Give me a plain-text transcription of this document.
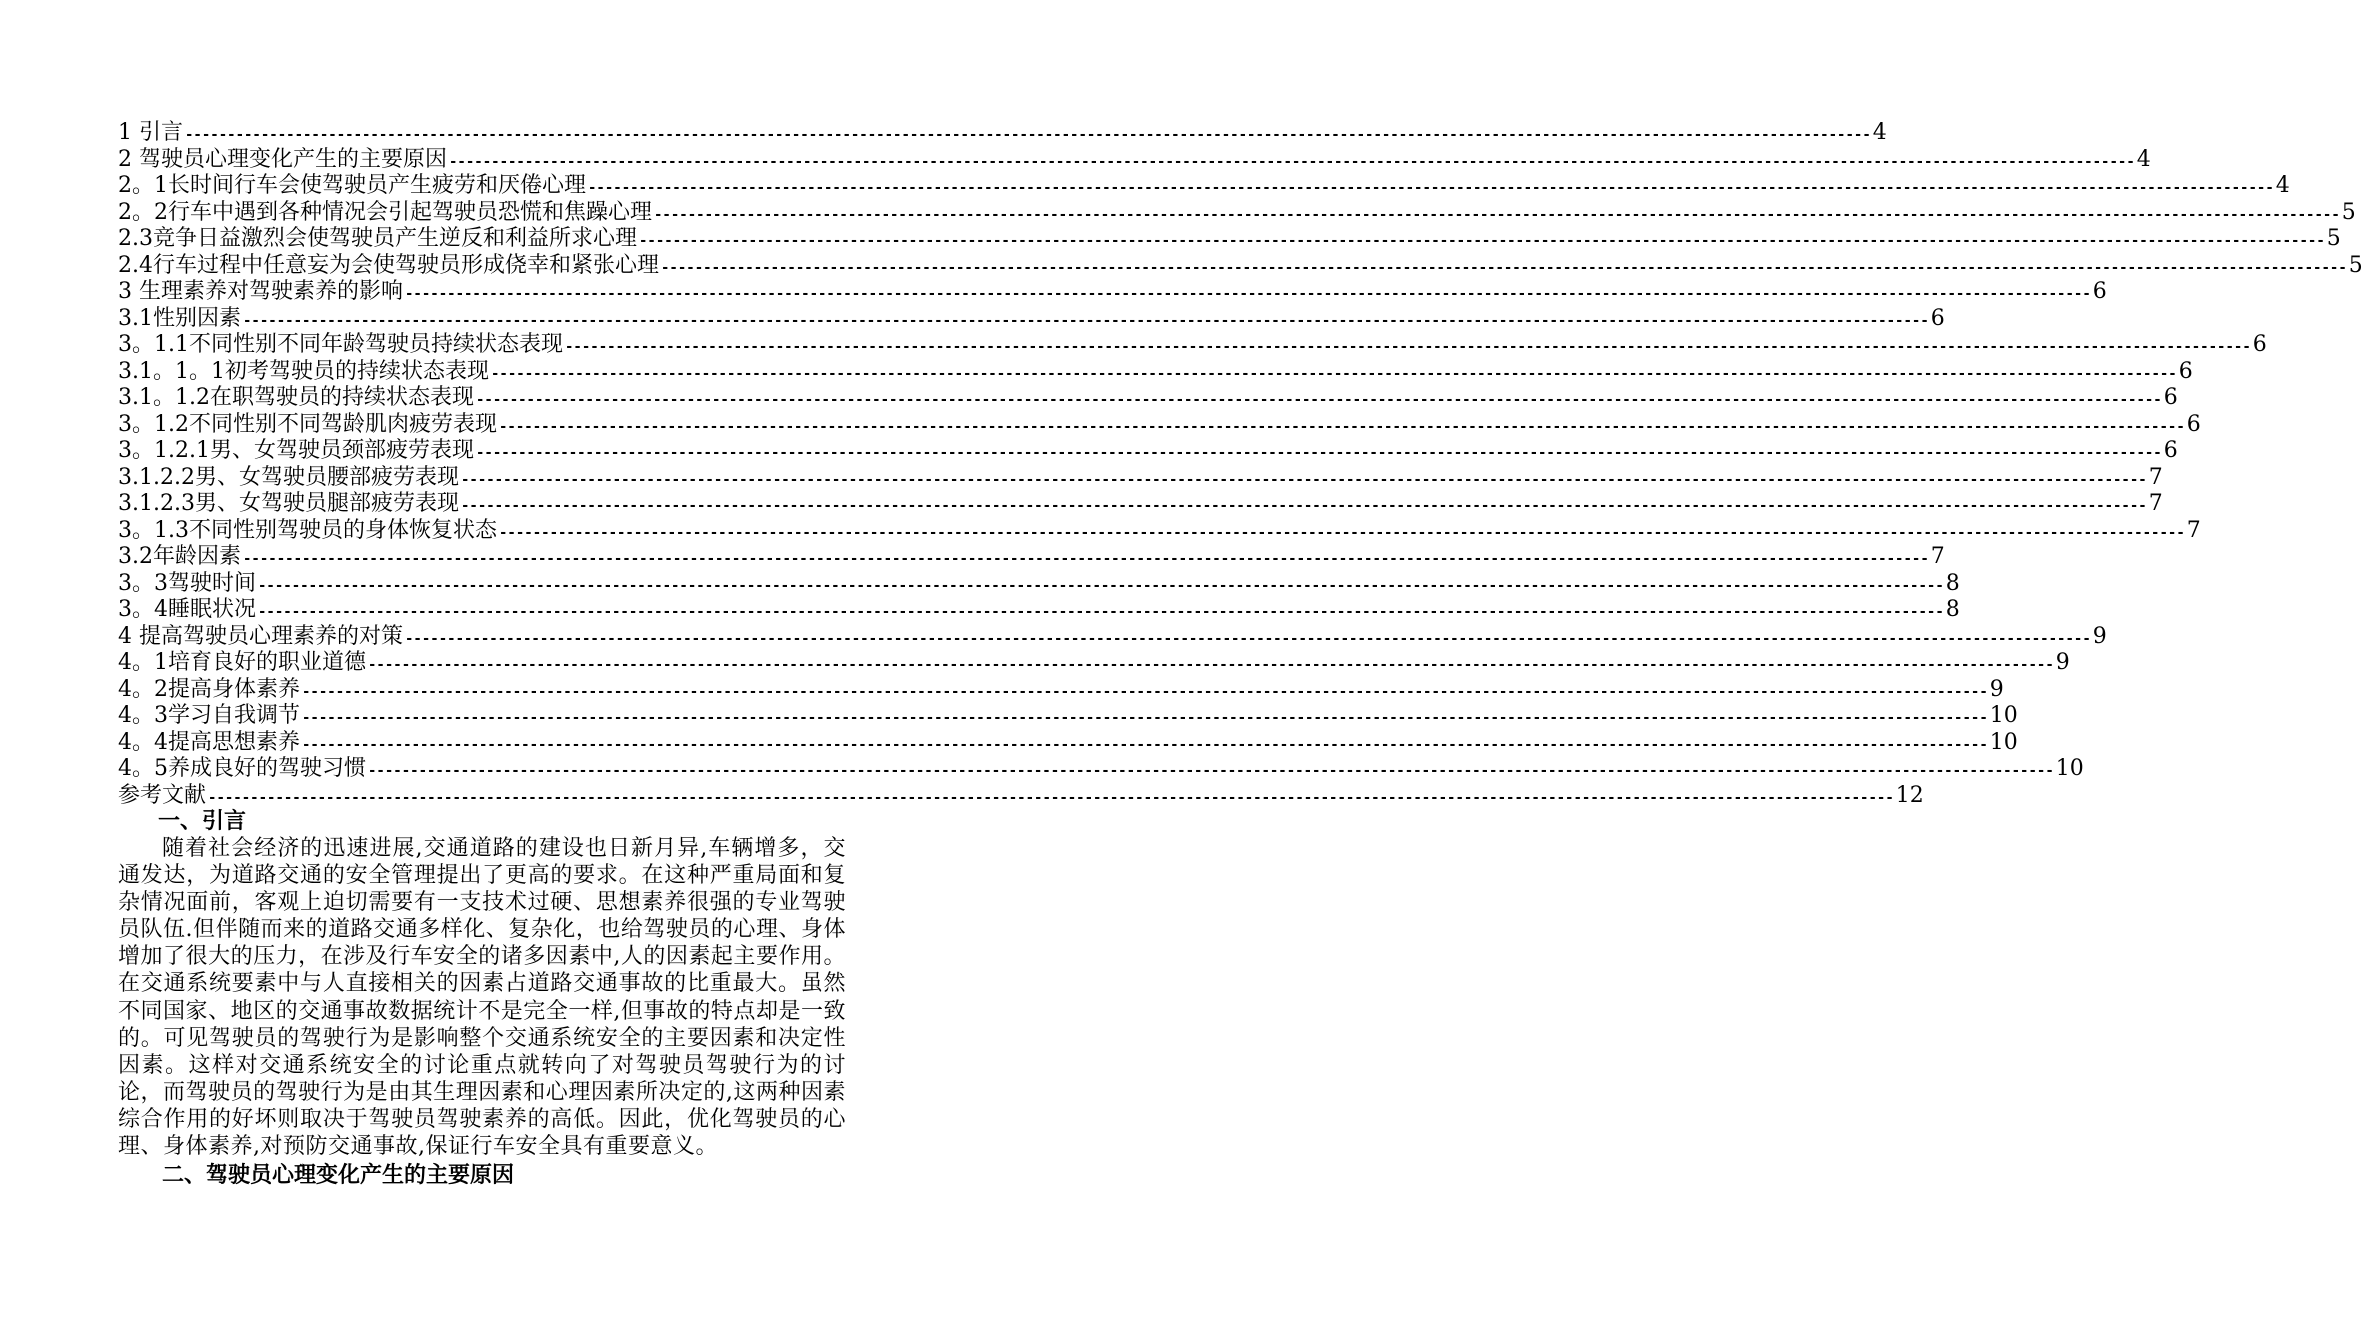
1 引言 -------------------------------------------------------------------------------------------------------------------------------------------------------------------------------------------------------- 4
2 驾驶员心理变化产生的主要原因 -------------------------------------------------------------------------------------------------------------------------------------------------------------------------------------------------------- 4
2。1长时间行车会使驾驶员产生疲劳和厌倦心理 -------------------------------------------------------------------------------------------------------------------------------------------------------------------------------------------------------- 4
2。2行车中遇到各种情况会引起驾驶员恐慌和焦躁心理 -------------------------------------------------------------------------------------------------------------------------------------------------------------------------------------------------------- 5
2.3竞争日益激烈会使驾驶员产生逆反和利益所求心理 -------------------------------------------------------------------------------------------------------------------------------------------------------------------------------------------------------- 5
2.4行车过程中任意妄为会使驾驶员形成侥幸和紧张心理 -------------------------------------------------------------------------------------------------------------------------------------------------------------------------------------------------------- 5
3 生理素养对驾驶素养的影响 -------------------------------------------------------------------------------------------------------------------------------------------------------------------------------------------------------- 6
3.1性别因素 -------------------------------------------------------------------------------------------------------------------------------------------------------------------------------------------------------- 6
3。1.1不同性别不同年龄驾驶员持续状态表现 -------------------------------------------------------------------------------------------------------------------------------------------------------------------------------------------------------- 6
3.1。1。1初考驾驶员的持续状态表现 -------------------------------------------------------------------------------------------------------------------------------------------------------------------------------------------------------- 6
3.1。1.2在职驾驶员的持续状态表现 -------------------------------------------------------------------------------------------------------------------------------------------------------------------------------------------------------- 6
3。1.2不同性别不同驾龄肌肉疲劳表现 -------------------------------------------------------------------------------------------------------------------------------------------------------------------------------------------------------- 6
3。1.2.1男、女驾驶员颈部疲劳表现 -------------------------------------------------------------------------------------------------------------------------------------------------------------------------------------------------------- 6
3.1.2.2男、女驾驶员腰部疲劳表现 -------------------------------------------------------------------------------------------------------------------------------------------------------------------------------------------------------- 7
3.1.2.3男、女驾驶员腿部疲劳表现 -------------------------------------------------------------------------------------------------------------------------------------------------------------------------------------------------------- 7
3。1.3不同性别驾驶员的身体恢复状态 -------------------------------------------------------------------------------------------------------------------------------------------------------------------------------------------------------- 7
3.2年龄因素 -------------------------------------------------------------------------------------------------------------------------------------------------------------------------------------------------------- 7
3。3驾驶时间 -------------------------------------------------------------------------------------------------------------------------------------------------------------------------------------------------------- 8
3。4睡眠状况 -------------------------------------------------------------------------------------------------------------------------------------------------------------------------------------------------------- 8
4 提高驾驶员心理素养的对策 -------------------------------------------------------------------------------------------------------------------------------------------------------------------------------------------------------- 9
4。1培育良好的职业道德 -------------------------------------------------------------------------------------------------------------------------------------------------------------------------------------------------------- 9
4。2提高身体素养 -------------------------------------------------------------------------------------------------------------------------------------------------------------------------------------------------------- 9
4。3学习自我调节 -------------------------------------------------------------------------------------------------------------------------------------------------------------------------------------------------------- 10
4。4提高思想素养 -------------------------------------------------------------------------------------------------------------------------------------------------------------------------------------------------------- 10
4。5养成良好的驾驶习惯 -------------------------------------------------------------------------------------------------------------------------------------------------------------------------------------------------------- 10
参考文献 -------------------------------------------------------------------------------------------------------------------------------------------------------------------------------------------------------- 12
一、引言

随着社会经济的迅速进展,交通道路的建设也日新月异,车辆增多，交通发达，为道路交通的安全管理提出了更高的要求。在这种严重局面和复杂情况面前，客观上迫切需要有一支技术过硬、思想素养很强的专业驾驶员队伍.但伴随而来的道路交通多样化、复杂化，也给驾驶员的心理、身体增加了很大的压力，在涉及行车安全的诸多因素中,人的因素起主要作用。在交通系统要素中与人直接相关的因素占道路交通事故的比重最大。虽然不同国家、地区的交通事故数据统计不是完全一样,但事故的特点却是一致的。可见驾驶员的驾驶行为是影响整个交通系统安全的主要因素和决定性因素。这样对交通系统安全的讨论重点就转向了对驾驶员驾驶行为的讨论，而驾驶员的驾驶行为是由其生理因素和心理因素所决定的,这两种因素综合作用的好坏则取决于驾驶员驾驶素养的高低。因此，优化驾驶员的心理、身体素养,对预防交通事故,保证行车安全具有重要意义。

二、驾驶员心理变化产生的主要原因
